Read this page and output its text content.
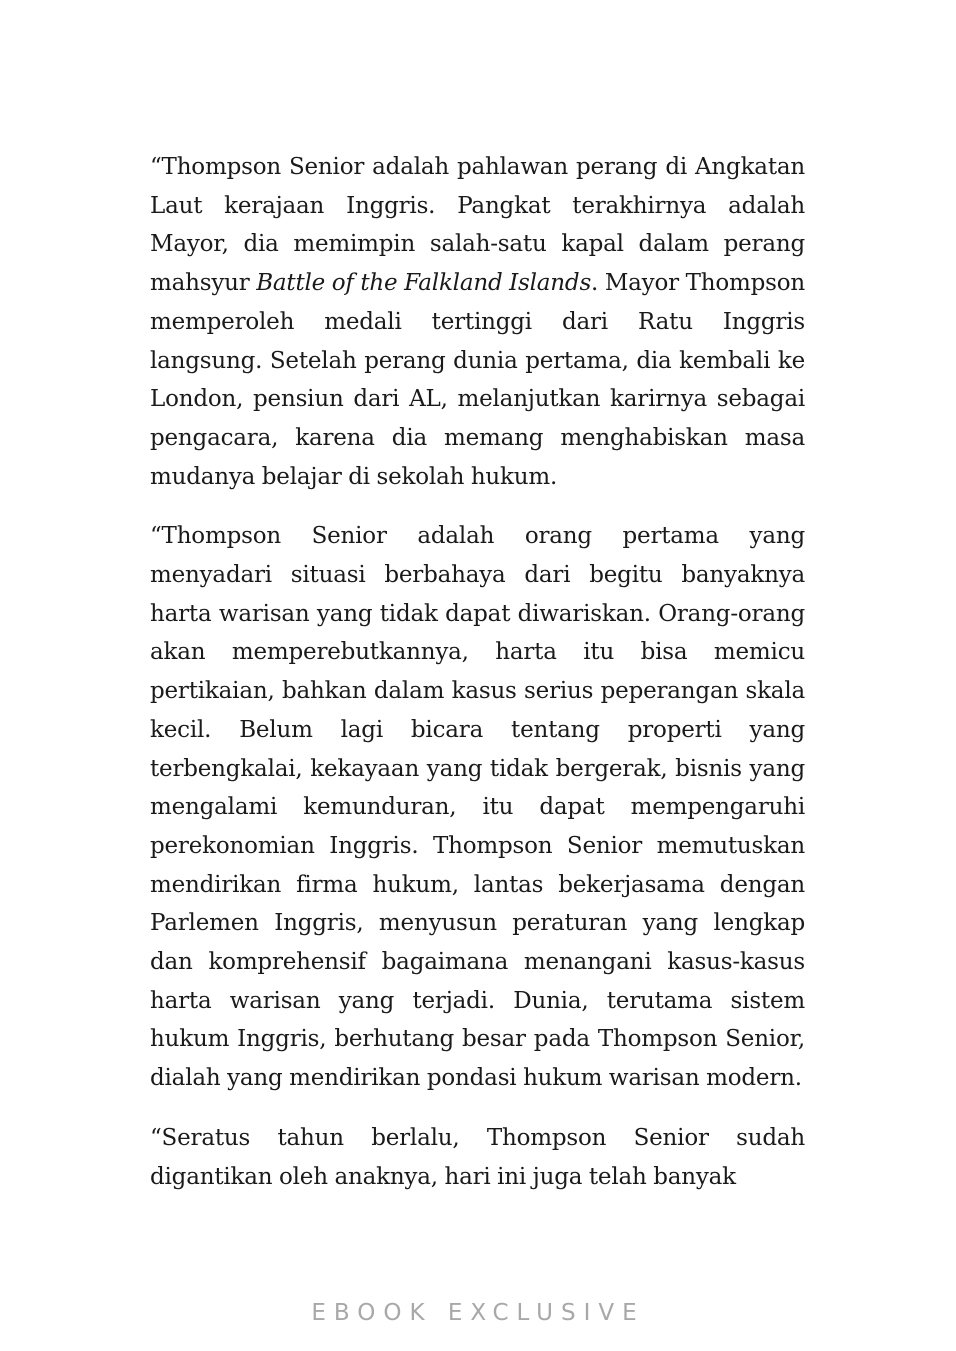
“Thompson Senior adalah pahlawan perang di Angkatan Laut kerajaan Inggris. Pangkat terakhirnya adalah Mayor, dia memimpin salah-satu kapal dalam perang mahsyur Battle of the Falkland Islands. Mayor Thompson memperoleh medali tertinggi dari Ratu Inggris langsung. Setelah perang dunia pertama, dia kembali ke London, pensiun dari AL, melanjutkan karirnya sebagai pengacara, karena dia memang menghabiskan masa mudanya belajar di sekolah hukum.

“Thompson Senior adalah orang pertama yang menyadari situasi berbahaya dari begitu banyaknya harta warisan yang tidak dapat diwariskan. Orang-orang akan memperebutkannya, harta itu bisa memicu pertikaian, bahkan dalam kasus serius peperangan skala kecil. Belum lagi bicara tentang properti yang terbengkalai, kekayaan yang tidak bergerak, bisnis yang mengalami kemunduran, itu dapat mempengaruhi perekonomian Inggris. Thompson Senior memutuskan mendirikan firma hukum, lantas bekerjasama dengan Parlemen Inggris, menyusun peraturan yang lengkap dan komprehensif bagaimana menangani kasus-kasus harta warisan yang terjadi. Dunia, terutama sistem hukum Inggris, berhutang besar pada Thompson Senior, dialah yang mendirikan pondasi hukum warisan modern.

“Seratus tahun berlalu, Thompson Senior sudah digantikan oleh anaknya, hari ini juga telah banyak

EBOOK EXCLUSIVE
